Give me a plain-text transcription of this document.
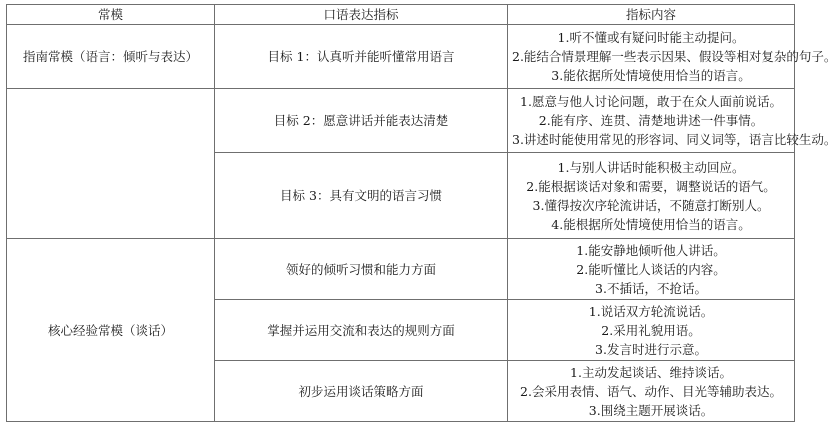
常模	口语表达指标	指标内容
指南常模（语言：倾听与表达）	目标 1：认真听并能听懂常用语言	1.听不懂或有疑问时能主动提问。
2.能结合情景理解一些表示因果、假设等相对复杂的句子。
3.能依据所处情境使用恰当的语言。

	目标 2：愿意讲话并能表达清楚	1.愿意与他人讨论问题，敢于在众人面前说话。
2.能有序、连贯、清楚地讲述一件事情。
3.讲述时能使用常见的形容词、同义词等，语言比较生动。

	目标 3：具有文明的语言习惯	1.与别人讲话时能积极主动回应。
2.能根据谈话对象和需要，调整说话的语气。
3.懂得按次序轮流讲话，不随意打断别人。
4.能根据所处情境使用恰当的语言。

核心经验常模（谈话）	领好的倾听习惯和能力方面	1.能安静地倾听他人讲话。
2.能听懂比人谈话的内容。
3.不插话，不抢话。

	掌握并运用交流和表达的规则方面	1.说话双方轮流说话。
2.采用礼貌用语。
3.发言时进行示意。

	初步运用谈话策略方面	1.主动发起谈话、维持谈话。
2.会采用表情、语气、动作、目光等辅助表达。
3.围绕主题开展谈话。
